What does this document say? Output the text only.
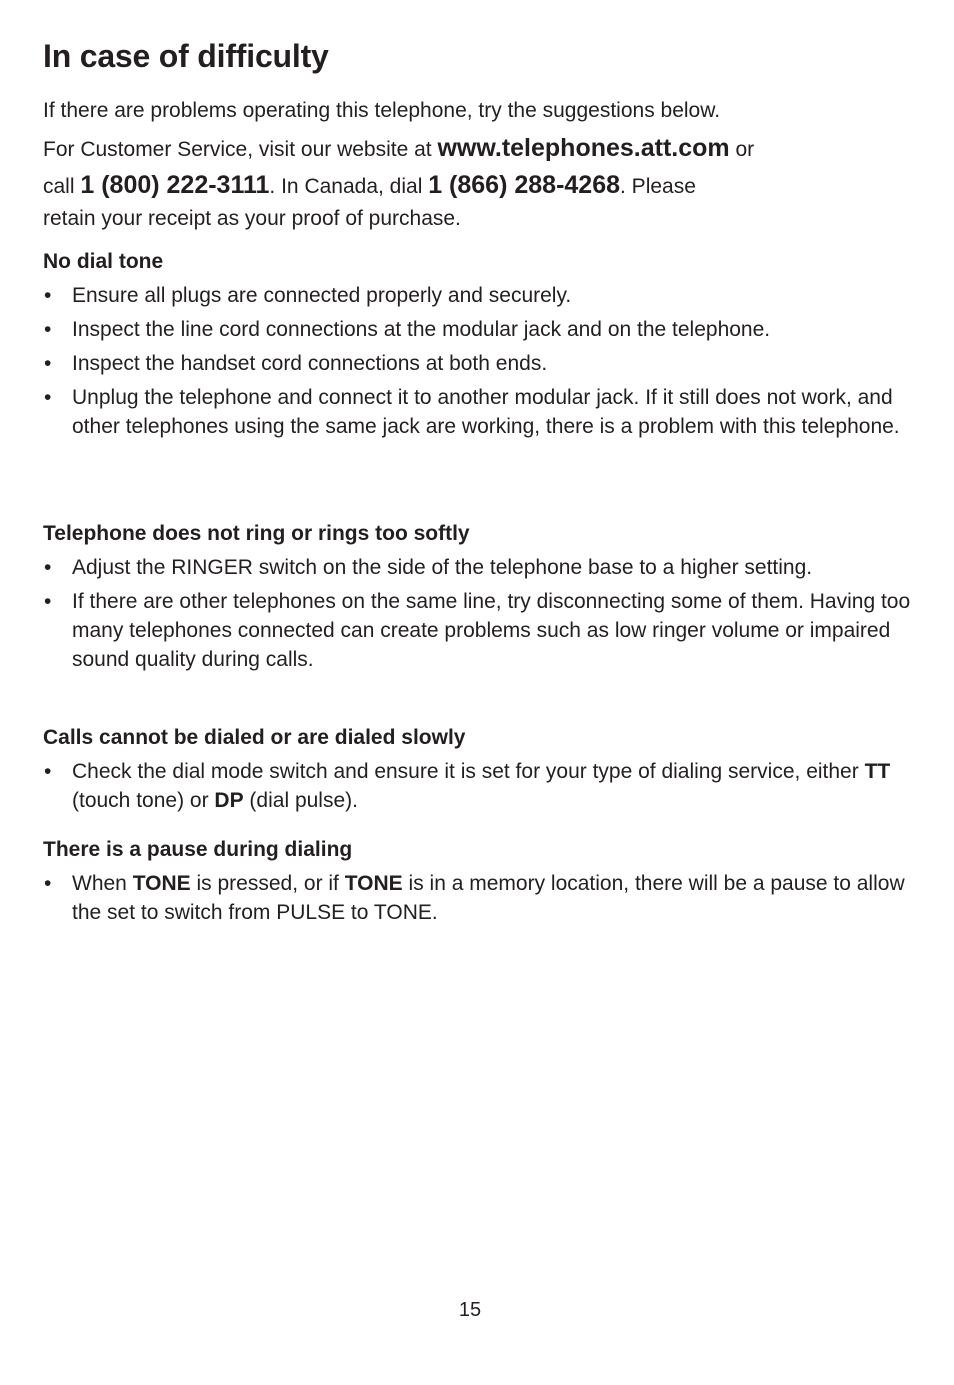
In case of difficulty
If there are problems operating this telephone, try the suggestions below.
For Customer Service, visit our website at www.telephones.att.com or
call 1 (800) 222-3111. In Canada, dial 1 (866) 288-4268. Please
retain your receipt as your proof of purchase.
No dial tone
• Ensure all plugs are connected properly and securely.
• Inspect the line cord connections at the modular jack and on the telephone.
• Inspect the handset cord connections at both ends.
• Unplug the telephone and connect it to another modular jack. If it still does not work, and other telephones using the same jack are working, there is a problem with this telephone.
Telephone does not ring or rings too softly
• Adjust the RINGER switch on the side of the telephone base to a higher setting.
• If there are other telephones on the same line, try disconnecting some of them. Having too many telephones connected can create problems such as low ringer volume or impaired sound quality during calls.
Calls cannot be dialed or are dialed slowly
• Check the dial mode switch and ensure it is set for your type of dialing service, either TT (touch tone) or DP (dial pulse).
There is a pause during dialing
• When TONE is pressed, or if TONE is in a memory location, there will be a pause to allow the set to switch from PULSE to TONE.
15
